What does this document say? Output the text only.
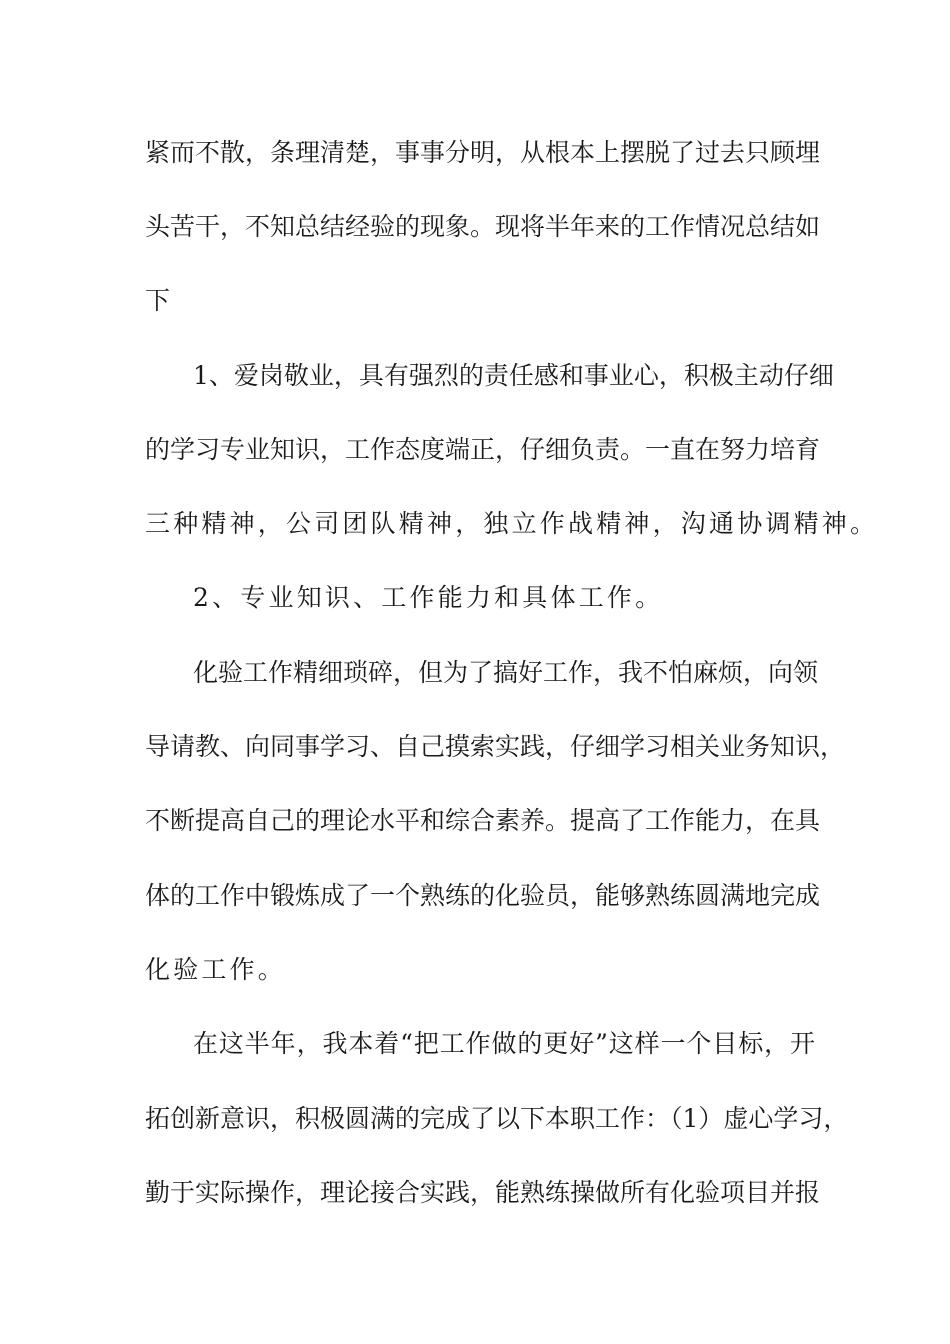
紧而不散，条理清楚，事事分明，从根本上摆脱了过去只顾埋
头苦干，不知总结经验的现象。现将半年来的工作情况总结如
下
1、爱岗敬业，具有强烈的责任感和事业心，积极主动仔细
的学习专业知识，工作态度端正，仔细负责。一直在努力培育
三种精神，公司团队精神，独立作战精神，沟通协调精神。
2、专业知识、工作能力和具体工作。
化验工作精细琐碎，但为了搞好工作，我不怕麻烦，向领
导请教、向同事学习、自己摸索实践，仔细学习相关业务知识，
不断提高自己的理论水平和综合素养。提高了工作能力，在具
体的工作中锻炼成了一个熟练的化验员，能够熟练圆满地完成
化验工作。
在这半年，我本着“把工作做的更好”这样一个目标，开
拓创新意识，积极圆满的完成了以下本职工作：（1）虚心学习，
勤于实际操作，理论接合实践，能熟练操做所有化验项目并报
